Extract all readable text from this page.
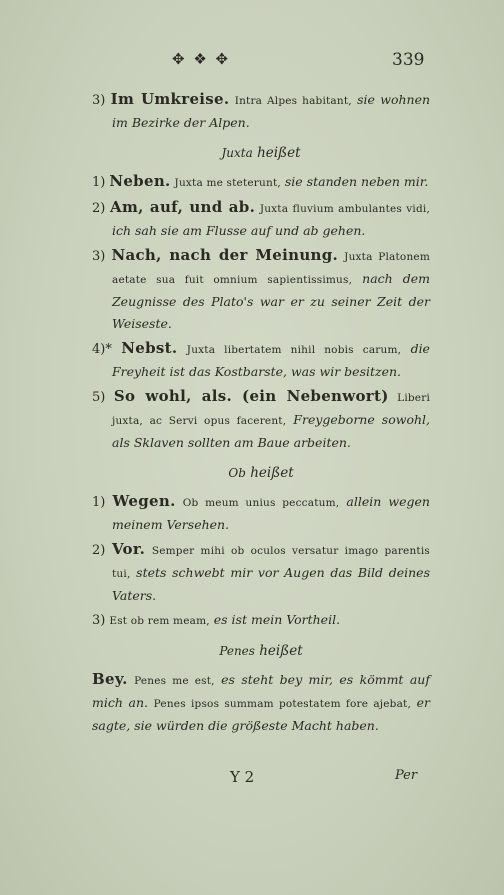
✥ ❖ ✥	339

3) Im Umkreise. Intra Alpes habitant, sie wohnen im Bezirke der Alpen.

Juxta heißet

1) Neben. Juxta me steterunt, sie standen neben mir.

2) Am, auf, und ab. Juxta fluvium ambulantes vidi, ich sah sie am Flusse auf und ab gehen.

3) Nach, nach der Meinung. Juxta Platonem aetate sua fuit omnium sapientissimus, nach dem Zeugnisse des Plato's war er zu seiner Zeit der Weiseste.

4)* Nebst. Juxta libertatem nihil nobis carum, die Freyheit ist das Kostbarste, was wir besitzen.

5) So wohl, als. (ein Nebenwort) Liberi juxta, ac Servi opus facerent, Freygeborne sowohl, als Sklaven sollten am Baue arbeiten.

Ob heißet

1) Wegen. Ob meum unius peccatum, allein wegen meinem Versehen.

2) Vor. Semper mihi ob oculos versatur imago parentis tui, stets schwebt mir vor Augen das Bild deines Vaters.

3) Est ob rem meam, es ist mein Vortheil.

Penes heißet

Bey. Penes me est, es steht bey mir, es kömmt auf mich an. Penes ipsos summam potestatem fore ajebat, er sagte, sie würden die größeste Macht haben.

Y 2	Per
